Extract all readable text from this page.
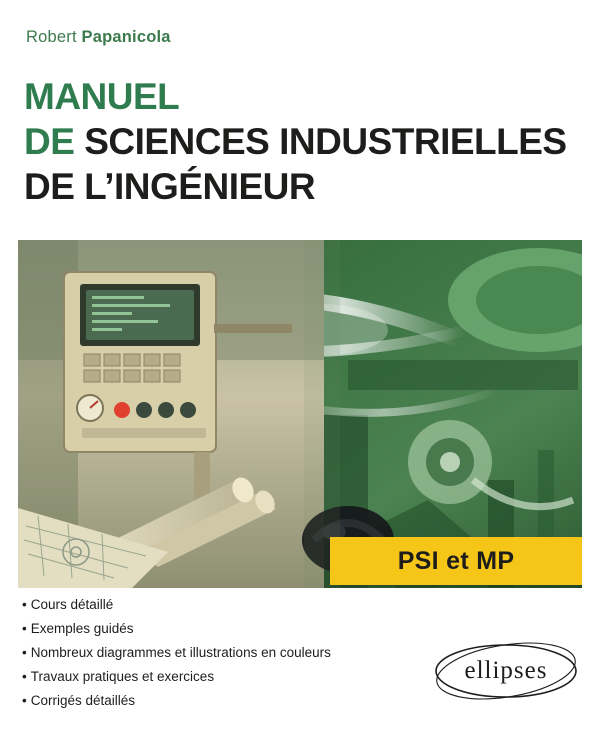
Robert Papanicola
MANUEL
DE SCIENCES INDUSTRIELLES
DE L’INGÉNIEUR
PSI et MP
• Cours détaillé
• Exemples guidés
• Nombreux diagrammes et illustrations en couleurs
• Travaux pratiques et exercices
• Corrigés détaillés
ellipses
